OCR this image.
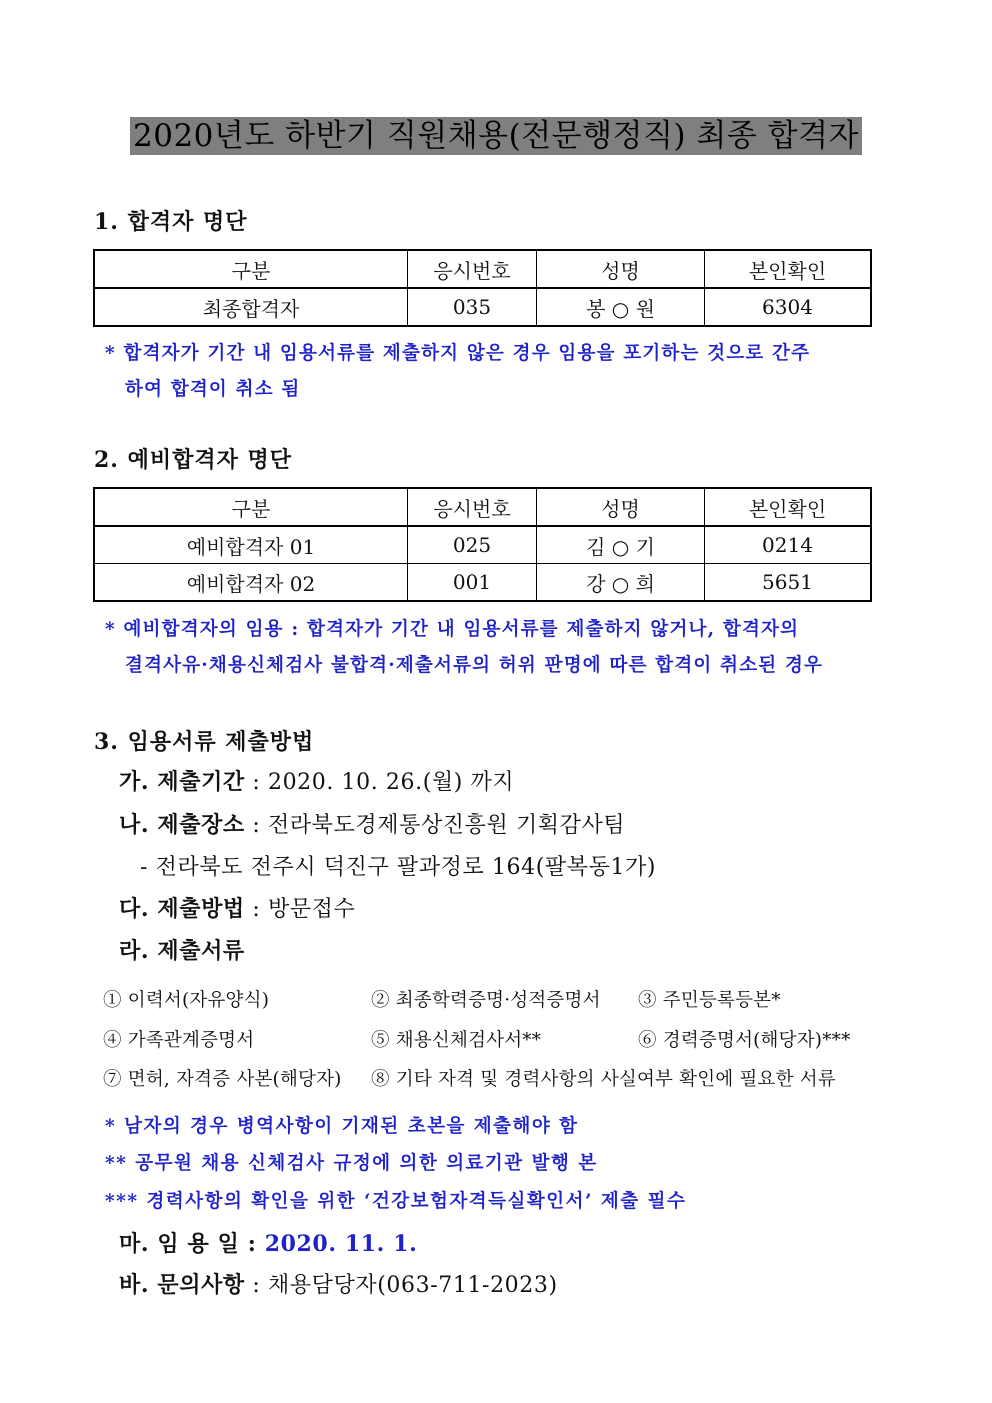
2020년도 하반기 직원채용(전문행정직) 최종 합격자
1. 합격자 명단
구분	응시번호	성명	본인확인
최종합격자	035	봉 ○ 원	6304
* 합격자가 기간 내 임용서류를 제출하지 않은 경우 임용을 포기하는 것으로 간주
하여 합격이 취소 됨
2. 예비합격자 명단
구분	응시번호	성명	본인확인
예비합격자 01	025	김 ○ 기	0214
예비합격자 02	001	강 ○ 희	5651
* 예비합격자의 임용 : 합격자가 기간 내 임용서류를 제출하지 않거나, 합격자의
결격사유·채용신체검사 불합격·제출서류의 허위 판명에 따른 합격이 취소된 경우
3. 임용서류 제출방법
가. 제출기간 : 2020. 10. 26.(월) 까지
나. 제출장소 : 전라북도경제통상진흥원 기획감사팀
- 전라북도 전주시 덕진구 팔과정로 164(팔복동1가)
다. 제출방법 : 방문접수
라. 제출서류
① 이력서(자유양식)	② 최종학력증명·성적증명서 ③ 주민등록등본*
④ 가족관계증명서	⑤ 채용신체검사서**	⑥ 경력증명서(해당자)***
⑦ 면허, 자격증 사본(해당자) ⑧ 기타 자격 및 경력사항의 사실여부 확인에 필요한 서류
* 남자의 경우 병역사항이 기재된 초본을 제출해야 함
** 공무원 채용 신체검사 규정에 의한 의료기관 발행 본
*** 경력사항의 확인을 위한 ‘건강보험자격득실확인서’ 제출 필수
마. 임 용 일 : 2020. 11. 1.
바. 문의사항 : 채용담당자(063-711-2023)
